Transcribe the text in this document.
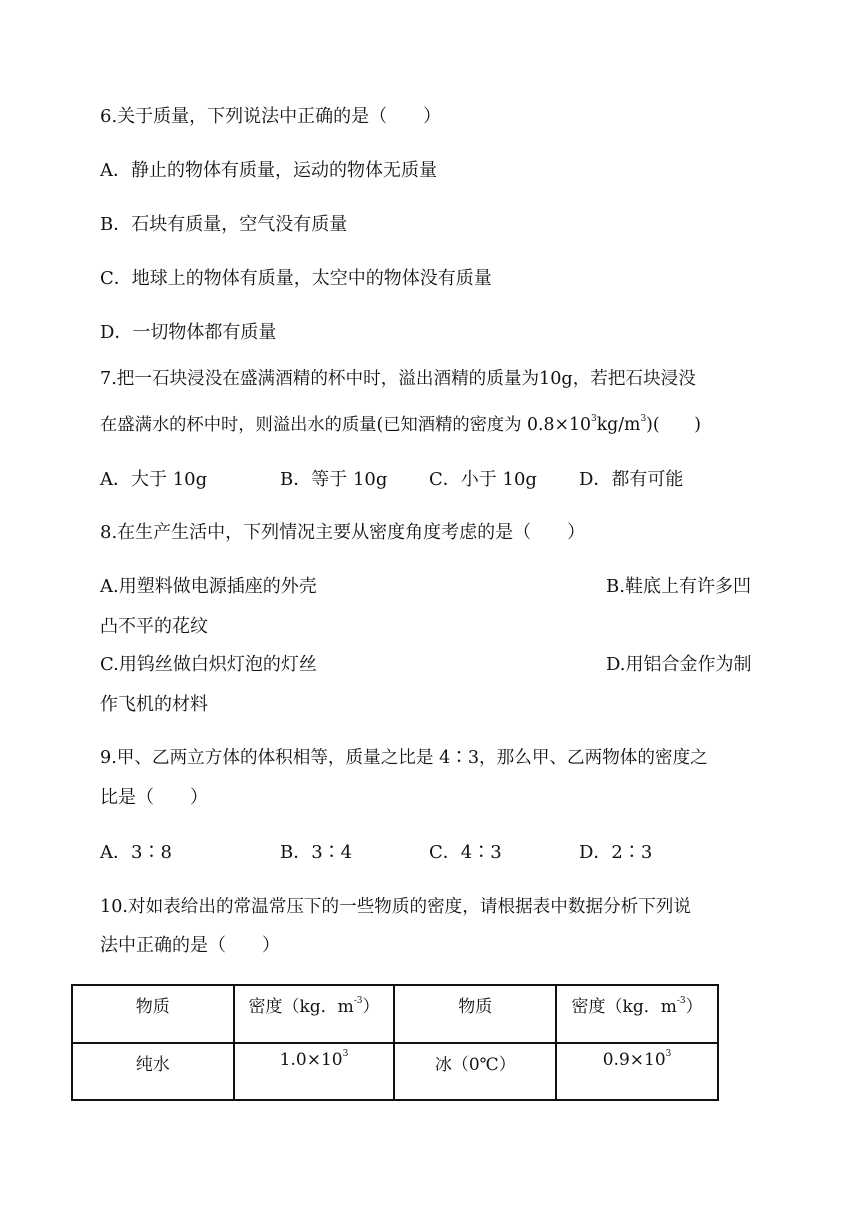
6.关于质量，下列说法中正确的是（　　）
A．静止的物体有质量，运动的物体无质量
B．石块有质量，空气没有质量
C．地球上的物体有质量，太空中的物体没有质量
D．一切物体都有质量
7.把一石块浸没在盛满酒精的杯中时，溢出酒精的质量为10g，若把石块浸没
在盛满水的杯中时，则溢出水的质量(已知酒精的密度为 $0.8\times 10^3kg/m^3$)(　　)
A．大于 10g	B．等于 10g C．小于 10g D．都有可能
8.在生产生活中，下列情况主要从密度角度考虑的是（　　）
A.用塑料做电源插座的外壳	B.鞋底上有许多凹
凸不平的花纹
C.用钨丝做白炽灯泡的灯丝	D.用铝合金作为制
作飞机的材料
9.甲、乙两立方体的体积相等，质量之比是 4∶3，那么甲、乙两物体的密度之
比是（　　）
A．3∶8	B．3∶4	C．4∶3	D．2∶3
10.对如表给出的常温常压下的一些物质的密度，请根据表中数据分析下列说
法中正确的是（　　）
物质	密度（kg．$m^{-3}$）	物质	密度（kg．$m^{-3}$）
纯水	$1.0\times 10^3$	冰（0℃）	$0.9\times 10^3$
